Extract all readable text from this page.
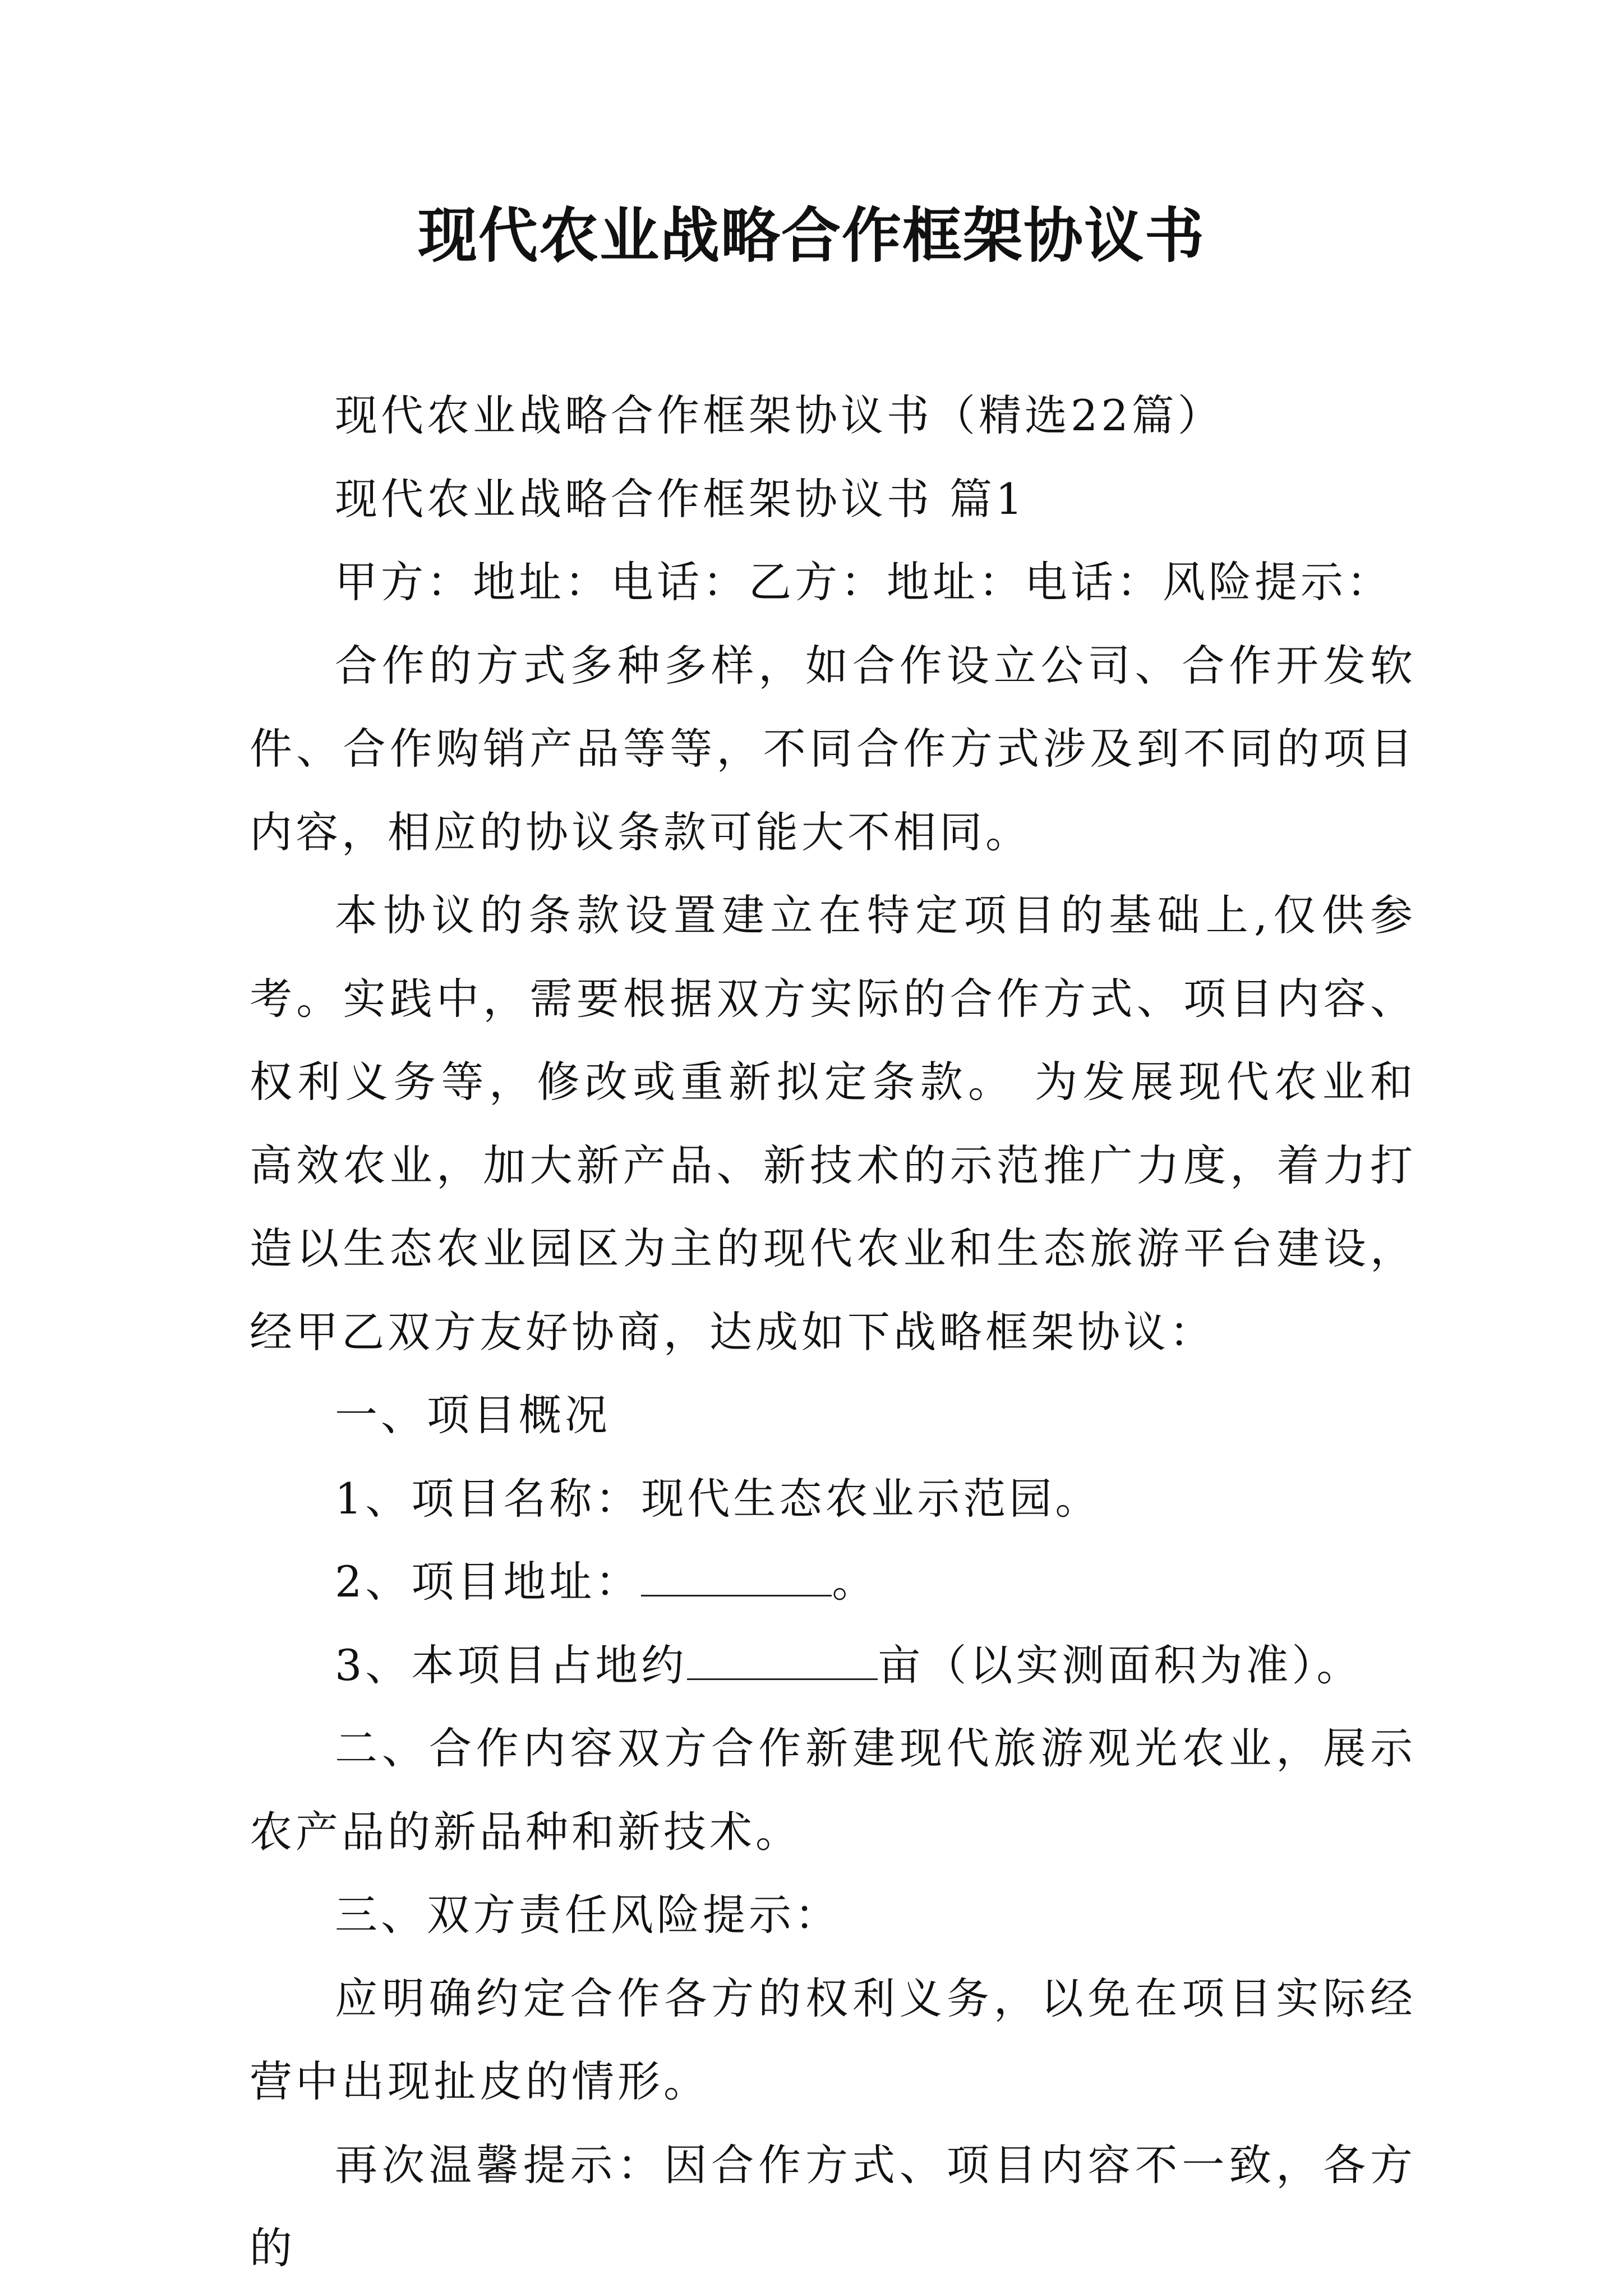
现代农业战略合作框架协议书

现代农业战略合作框架协议书（精选22篇）

现代农业战略合作框架协议书 篇1

甲方：地址：电话：乙方：地址：电话：风险提示：

合作的方式多种多样，如合作设立公司、合作开发软件、合作购销产品等等，不同合作方式涉及到不同的项目内容，相应的协议条款可能大不相同。

本协议的条款设置建立在特定项目的基础上,仅供参考。实践中，需要根据双方实际的合作方式、项目内容、权利义务等，修改或重新拟定条款。 为发展现代农业和高效农业，加大新产品、新技术的示范推广力度，着力打造以生态农业园区为主的现代农业和生态旅游平台建设，经甲乙双方友好协商，达成如下战略框架协议：

一、项目概况

1、项目名称：现代生态农业示范园。

2、项目地址：	。

3、本项目占地约	亩（以实测面积为准）。

二、合作内容双方合作新建现代旅游观光农业，展示农产品的新品种和新技术。

三、双方责任风险提示：

应明确约定合作各方的权利义务，以免在项目实际经营中出现扯皮的情形。

再次温馨提示：因合作方式、项目内容不一致，各方的
